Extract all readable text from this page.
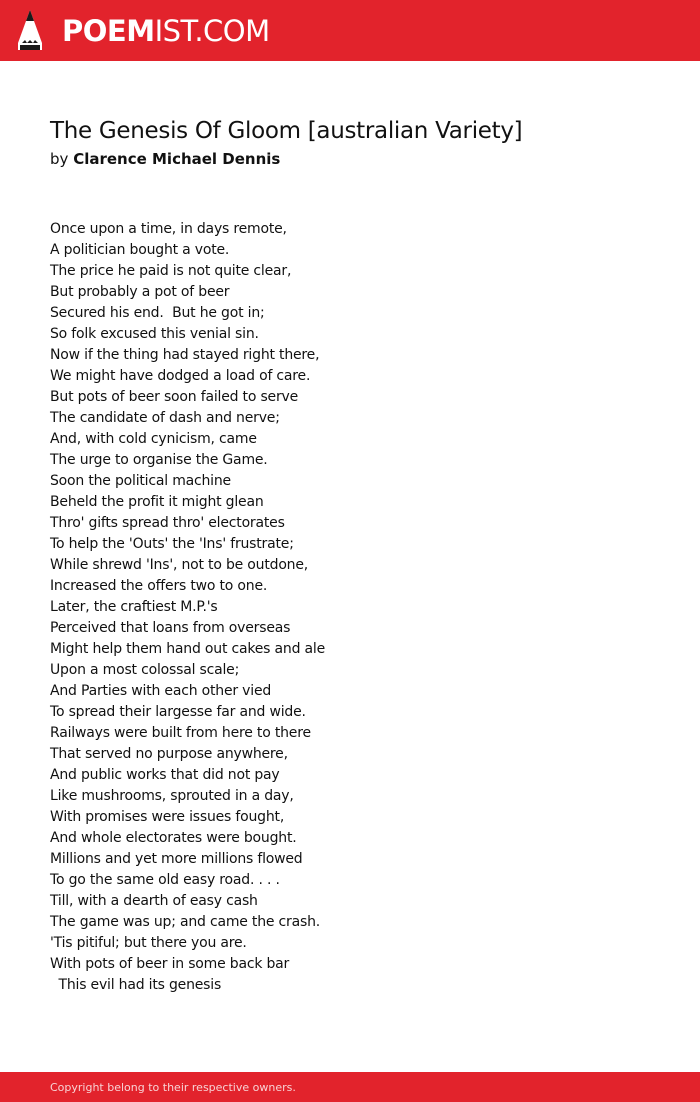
POEMIST.COM
The Genesis Of Gloom [australian Variety]
by Clarence Michael Dennis
Once upon a time, in days remote,
A politician bought a vote.
The price he paid is not quite clear,
But probably a pot of beer
Secured his end.  But he got in;
So folk excused this venial sin.
Now if the thing had stayed right there,
We might have dodged a load of care.
But pots of beer soon failed to serve
The candidate of dash and nerve;
And, with cold cynicism, came
The urge to organise the Game.
Soon the political machine
Beheld the profit it might glean
Thro' gifts spread thro' electorates
To help the 'Outs' the 'Ins' frustrate;
While shrewd 'Ins', not to be outdone,
Increased the offers two to one.
Later, the craftiest M.P.'s
Perceived that loans from overseas
Might help them hand out cakes and ale
Upon a most colossal scale;
And Parties with each other vied
To spread their largesse far and wide.
Railways were built from here to there
That served no purpose anywhere,
And public works that did not pay
Like mushrooms, sprouted in a day,
With promises were issues fought,
And whole electorates were bought.
Millions and yet more millions flowed
To go the same old easy road. . . .
Till, with a dearth of easy cash
The game was up; and came the crash.
'Tis pitiful; but there you are.
With pots of beer in some back bar
This evil had its genesis
Copyright belong to their respective owners.
